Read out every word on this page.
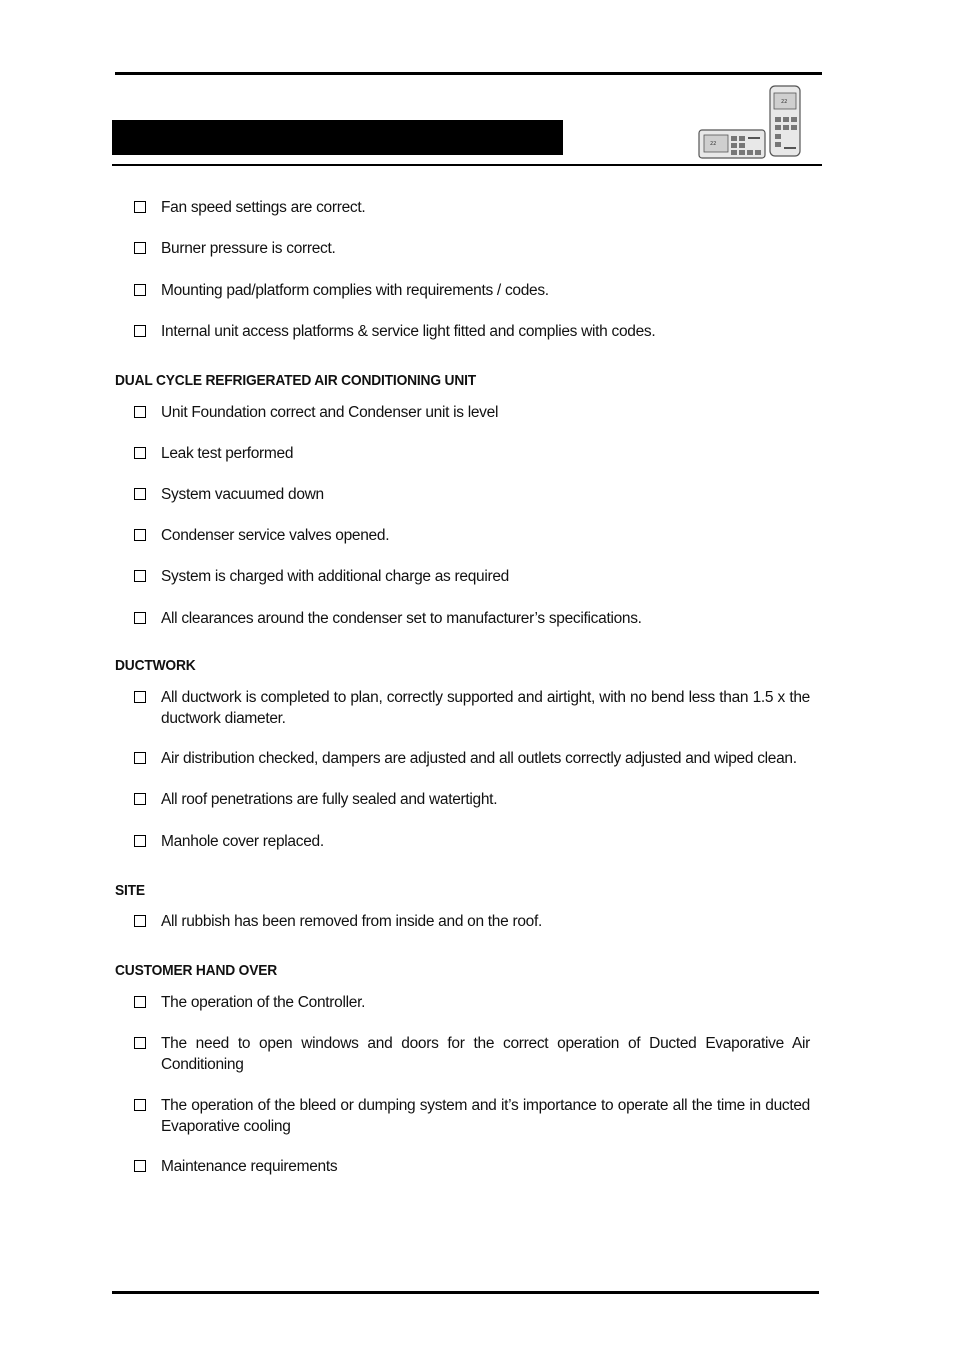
22
22
Fan speed settings are correct.
Burner pressure is correct.
Mounting pad/platform complies with requirements / codes.
Internal unit access platforms & service light fitted and complies with codes.
DUAL CYCLE REFRIGERATED AIR CONDITIONING UNIT
Unit Foundation correct and Condenser unit is level
Leak test performed
System vacuumed down
Condenser service valves opened.
System is charged with additional charge as required
All clearances around the condenser set to manufacturer’s specifications.
DUCTWORK
All ductwork is completed to plan, correctly supported and airtight, with no bend less than 1.5 x the ductwork diameter.
Air distribution checked, dampers are adjusted and all outlets correctly adjusted and wiped clean.
All roof penetrations are fully sealed and watertight.
Manhole cover replaced.
SITE
All rubbish has been removed from inside and on the roof.
CUSTOMER HAND OVER
The operation of the Controller.
The need to open windows and doors for the correct operation of Ducted Evaporative Air Conditioning
The operation of the bleed or dumping system and it’s importance to operate all the time in ducted Evaporative cooling
Maintenance requirements
